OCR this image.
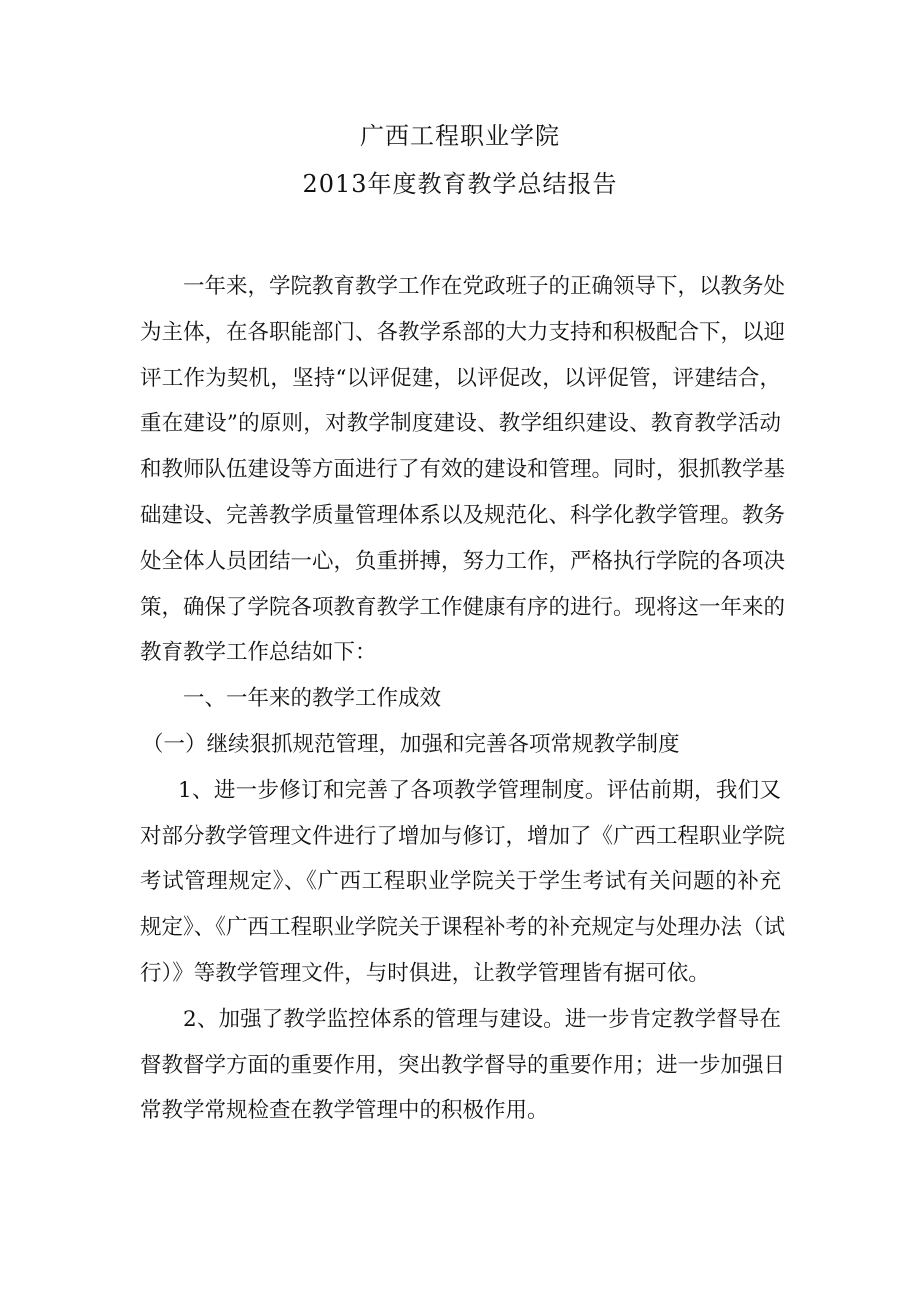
广西工程职业学院
2013年度教育教学总结报告
一年来，学院教育教学工作在党政班子的正确领导下，以教务处
为主体，在各职能部门、各教学系部的大力支持和积极配合下，以迎
评工作为契机，坚持“以评促建，以评促改，以评促管，评建结合，
重在建设”的原则，对教学制度建设、教学组织建设、教育教学活动
和教师队伍建设等方面进行了有效的建设和管理。同时，狠抓教学基
础建设、完善教学质量管理体系以及规范化、科学化教学管理。教务
处全体人员团结一心，负重拼搏，努力工作，严格执行学院的各项决
策，确保了学院各项教育教学工作健康有序的进行。现将这一年来的
教育教学工作总结如下：
一、一年来的教学工作成效
（一）继续狠抓规范管理，加强和完善各项常规教学制度
1、进一步修订和完善了各项教学管理制度。评估前期，我们又
对部分教学管理文件进行了增加与修订，增加了《广西工程职业学院
考试管理规定》、《广西工程职业学院关于学生考试有关问题的补充
规定》、《广西工程职业学院关于课程补考的补充规定与处理办法（试
行）》等教学管理文件，与时俱进，让教学管理皆有据可依。
2、加强了教学监控体系的管理与建设。进一步肯定教学督导在
督教督学方面的重要作用，突出教学督导的重要作用；进一步加强日
常教学常规检查在教学管理中的积极作用。
